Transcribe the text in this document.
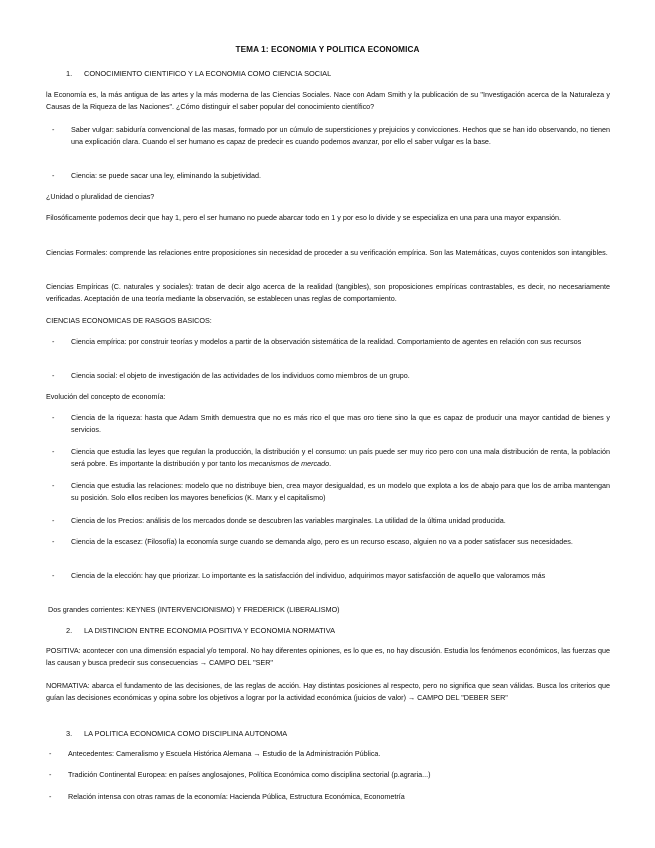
TEMA 1: ECONOMIA Y POLITICA ECONOMICA
1. CONOCIMIENTO CIENTIFICO Y LA ECONOMIA COMO CIENCIA SOCIAL
la Economía es, la más antigua de las artes y la más moderna de las Ciencias Sociales. Nace con Adam Smith y la publicación de su "Investigación acerca de la Naturaleza y Causas de la Riqueza de las Naciones". ¿Cómo distinguir el saber popular del conocimiento científico?
- Saber vulgar: sabiduría convencional de las masas, formado por un cúmulo de supersticiones y prejuicios y convicciones. Hechos que se han ido observando, no tienen una explicación clara. Cuando el ser humano es capaz de predecir es cuando podemos avanzar, por ello el saber vulgar es la base.
- Ciencia: se puede sacar una ley, eliminando la subjetividad.
¿Unidad o pluralidad de ciencias?
Filosóficamente podemos decir que hay 1, pero el ser humano no puede abarcar todo en 1 y por eso lo divide y se especializa en una para una mayor expansión.
Ciencias Formales: comprende las relaciones entre proposiciones sin necesidad de proceder a su verificación empírica. Son las Matemáticas, cuyos contenidos son intangibles.
Ciencias Empíricas (C. naturales y sociales): tratan de decir algo acerca de la realidad (tangibles), son proposiciones empíricas contrastables, es decir, no necesariamente verificadas. Aceptación de una teoría mediante la observación, se establecen unas reglas de comportamiento.
CIENCIAS ECONOMICAS DE RASGOS BASICOS:
- Ciencia empírica: por construir teorías y modelos a partir de la observación sistemática de la realidad. Comportamiento de agentes en relación con sus recursos
- Ciencia social: el objeto de investigación de las actividades de los individuos como miembros de un grupo.
Evolución del concepto de economía:
- Ciencia de la riqueza: hasta que Adam Smith demuestra que no es más rico el que mas oro tiene sino la que es capaz de producir una mayor cantidad de bienes y servicios.
- Ciencia que estudia las leyes que regulan la producción, la distribución y el consumo: un país puede ser muy rico pero con una mala distribución de renta, la población será pobre. Es importante la distribución y por tanto los mecanismos de mercado.
- Ciencia que estudia las relaciones: modelo que no distribuye bien, crea mayor desigualdad, es un modelo que explota a los de abajo para que los de arriba mantengan su posición. Solo ellos reciben los mayores beneficios (K. Marx y el capitalismo)
- Ciencia de los Precios: análisis de los mercados donde se descubren las variables marginales. La utilidad de la última unidad producida.
- Ciencia de la escasez: (Filosofía) la economía surge cuando se demanda algo, pero es un recurso escaso, alguien no va a poder satisfacer sus necesidades.
- Ciencia de la elección: hay que priorizar. Lo importante es la satisfacción del individuo, adquirimos mayor satisfacción de aquello que valoramos más
Dos grandes corrientes: KEYNES (INTERVENCIONISMO) Y FREDERICK (LIBERALISMO)
2. LA DISTINCION ENTRE ECONOMIA POSITIVA Y ECONOMIA NORMATIVA
POSITIVA: acontecer con una dimensión espacial y/o temporal. No hay diferentes opiniones, es lo que es, no hay discusión. Estudia los fenómenos económicos, las fuerzas que las causan y busca predecir sus consecuencias → CAMPO DEL "SER"
NORMATIVA: abarca el fundamento de las decisiones, de las reglas de acción. Hay distintas posiciones al respecto, pero no significa que sean válidas. Busca los criterios que guían las decisiones económicas y opina sobre los objetivos a lograr por la actividad económica (juicios de valor) → CAMPO DEL "DEBER SER"
3. LA POLITICA ECONOMICA COMO DISCIPLINA AUTONOMA
- Antecedentes: Cameralismo y Escuela Histórica Alemana → Estudio de la Administración Pública.
- Tradición Continental Europea: en países anglosajones, Política Económica como disciplina sectorial (p.agraria...)
- Relación intensa con otras ramas de la economía: Hacienda Pública, Estructura Económica, Econometría
